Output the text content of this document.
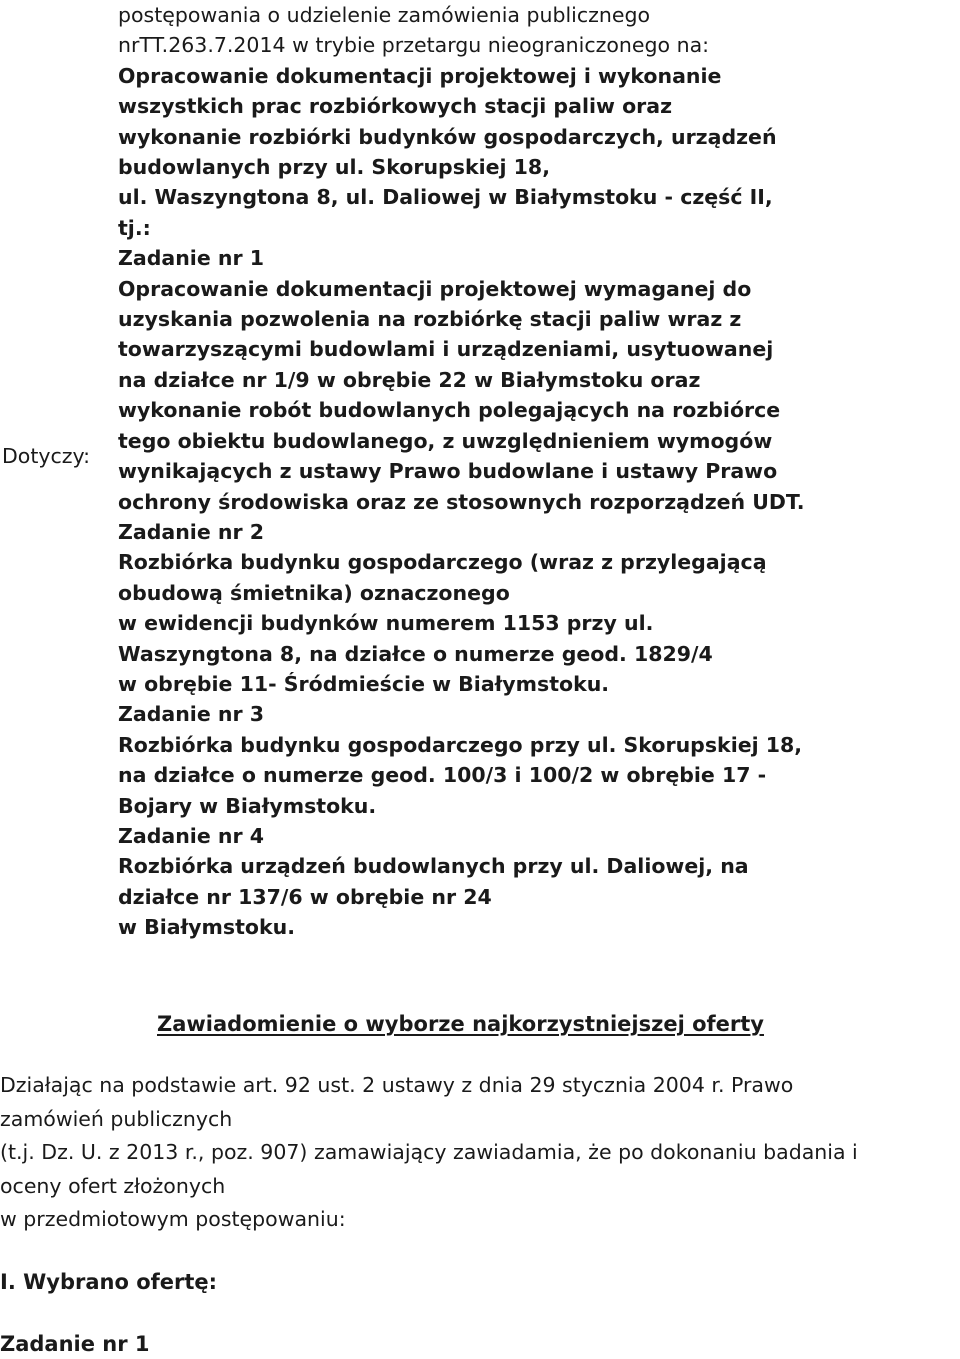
Dotyczy:
postępowania o udzielenie zamówienia publicznego
nrTT.263.7.2014 w trybie przetargu nieograniczonego na:
Opracowanie dokumentacji projektowej i wykonanie
wszystkich prac rozbiórkowych stacji paliw oraz
wykonanie rozbiórki budynków gospodarczych, urządzeń
budowlanych przy ul. Skorupskiej 18,
ul. Waszyngtona 8, ul. Daliowej w Białymstoku - część II,
tj.:
Zadanie nr 1
Opracowanie dokumentacji projektowej wymaganej do
uzyskania pozwolenia na rozbiórkę stacji paliw wraz z
towarzyszącymi budowlami i urządzeniami, usytuowanej
na działce nr 1/9 w obrębie 22 w Białymstoku oraz
wykonanie robót budowlanych polegających na rozbiórce
tego obiektu budowlanego, z uwzględnieniem wymogów
wynikających z ustawy Prawo budowlane i ustawy Prawo
ochrony środowiska oraz ze stosownych rozporządzeń UDT.
Zadanie nr 2
Rozbiórka budynku gospodarczego (wraz z przylegającą
obudową śmietnika) oznaczonego
w ewidencji budynków numerem 1153 przy ul.
Waszyngtona 8, na działce o numerze geod. 1829/4
w obrębie 11- Śródmieście w Białymstoku.
Zadanie nr 3
Rozbiórka budynku gospodarczego przy ul. Skorupskiej 18,
na działce o numerze geod. 100/3 i 100/2 w obrębie 17 -
Bojary w Białymstoku.
Zadanie nr 4
Rozbiórka urządzeń budowlanych przy ul. Daliowej, na
działce nr 137/6 w obrębie nr 24
w Białymstoku.
Zawiadomienie o wyborze najkorzystniejszej oferty
Działając na podstawie art. 92 ust. 2 ustawy z dnia 29 stycznia 2004 r. Prawo
zamówień publicznych
(t.j. Dz. U. z 2013 r., poz. 907) zamawiający zawiadamia, że po dokonaniu badania i
oceny ofert złożonych
w przedmiotowym postępowaniu:
I. Wybrano ofertę:
Zadanie nr 1
